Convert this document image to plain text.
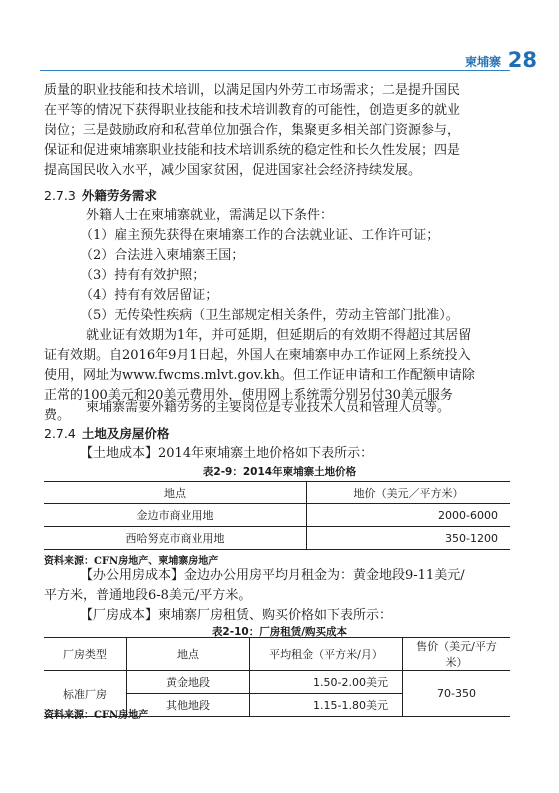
柬埔寨 28
质量的职业技能和技术培训，以满足国内外劳工市场需求；二是提升国民
在平等的情况下获得职业技能和技术培训教育的可能性，创造更多的就业
岗位；三是鼓励政府和私营单位加强合作，集聚更多相关部门资源参与，
保证和促进柬埔寨职业技能和技术培训系统的稳定性和长久性发展；四是
提高国民收入水平，减少国家贫困，促进国家社会经济持续发展。
2.7.3 外籍劳务需求
外籍人士在柬埔寨就业，需满足以下条件：
（1）雇主预先获得在柬埔寨工作的合法就业证、工作许可证；
（2）合法进入柬埔寨王国；
（3）持有有效护照；
（4）持有有效居留证；
（5）无传染性疾病（卫生部规定相关条件，劳动主管部门批准）。
就业证有效期为1年，并可延期，但延期后的有效期不得超过其居留
证有效期。自2016年9月1日起，外国人在柬埔寨申办工作证网上系统投入
使用，网址为www.fwcms.mlvt.gov.kh。但工作证申请和工作配额申请除
正常的100美元和20美元费用外，使用网上系统需分别另付30美元服务
费。
柬埔寨需要外籍劳务的主要岗位是专业技术人员和管理人员等。
2.7.4 土地及房屋价格
【土地成本】2014年柬埔寨土地价格如下表所示：
表2-9：2014年柬埔寨土地价格
地点	地价（美元／平方米）
金边市商业用地	2000-6000
西哈努克市商业用地	350-1200
资料来源：CFN房地产、柬埔寨房地产
【办公用房成本】金边办公用房平均月租金为：黄金地段9-11美元/
平方米，普通地段6-8美元/平方米。
【厂房成本】柬埔寨厂房租赁、购买价格如下表所示：
表2-10：厂房租赁/购买成本
厂房类型	地点	平均租金（平方米/月）	售价（美元/平方米）
标准厂房	黄金地段	1.50-2.00美元	70-350
	其他地段	1.15-1.80美元	
资料来源：CFN房地产
